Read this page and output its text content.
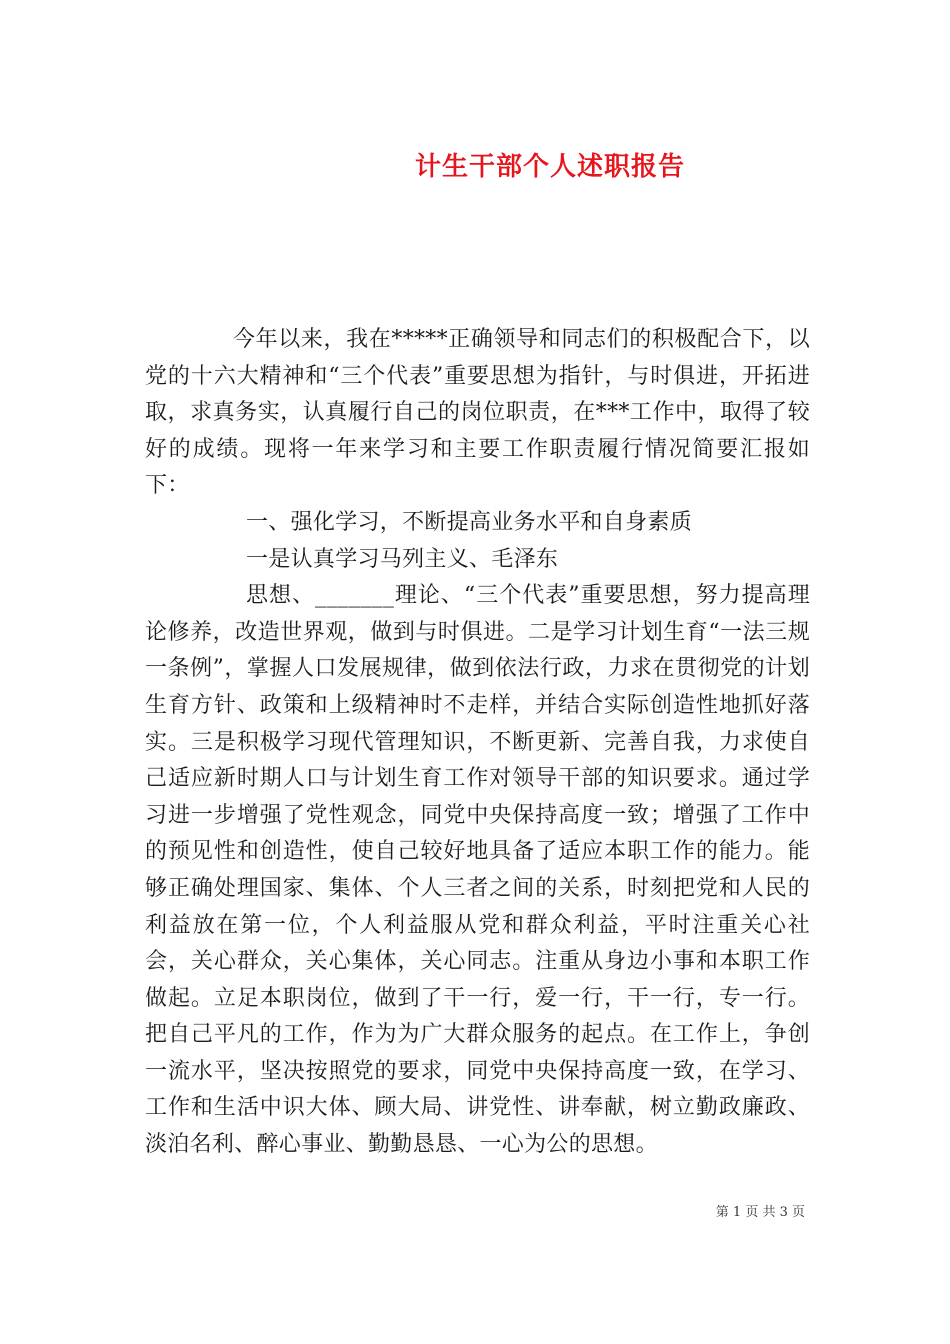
计生干部个人述职报告

今年以来，我在*****正确领导和同志们的积极配合下，以党的十六大精神和“三个代表”重要思想为指针，与时俱进，开拓进取，求真务实，认真履行自己的岗位职责，在***工作中，取得了较好的成绩。现将一年来学习和主要工作职责履行情况简要汇报如下：

一、强化学习，不断提高业务水平和自身素质

一是认真学习马列主义、毛泽东

思想、_______理论、“三个代表”重要思想，努力提高理论修养，改造世界观，做到与时俱进。二是学习计划生育“一法三规一条例”，掌握人口发展规律，做到依法行政，力求在贯彻党的计划生育方针、政策和上级精神时不走样，并结合实际创造性地抓好落实。三是积极学习现代管理知识，不断更新、完善自我，力求使自己适应新时期人口与计划生育工作对领导干部的知识要求。通过学习进一步增强了党性观念，同党中央保持高度一致；增强了工作中的预见性和创造性，使自己较好地具备了适应本职工作的能力。能够正确处理国家、集体、个人三者之间的关系，时刻把党和人民的利益放在第一位，个人利益服从党和群众利益，平时注重关心社会，关心群众，关心集体，关心同志。注重从身边小事和本职工作做起。立足本职岗位，做到了干一行，爱一行，干一行，专一行。把自己平凡的工作，作为为广大群众服务的起点。在工作上，争创一流水平，坚决按照党的要求，同党中央保持高度一致，在学习、工作和生活中识大体、顾大局、讲党性、讲奉献，树立勤政廉政、淡泊名利、醉心事业、勤勤恳恳、一心为公的思想。

第 1 页 共 3 页
